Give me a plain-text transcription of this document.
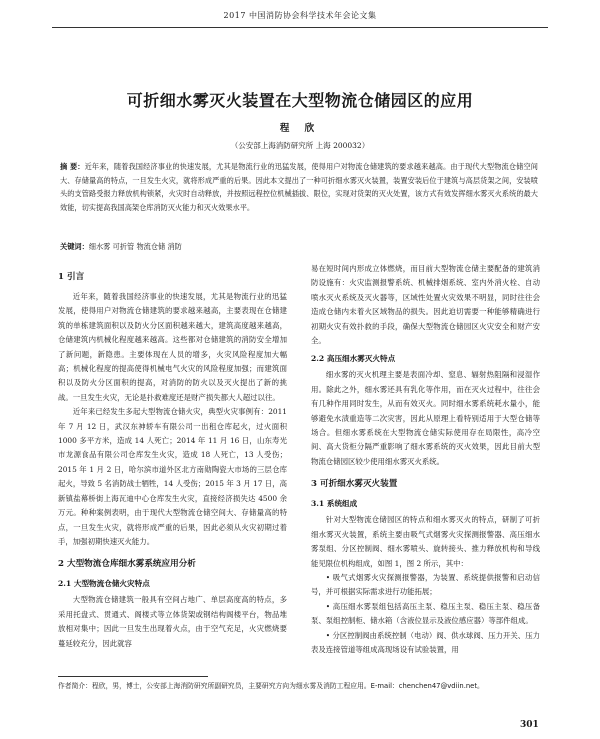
2017 中国消防协会科学技术年会论文集
可折细水雾灭火装置在大型物流仓储园区的应用
程 欣
（公安部上海消防研究所 上海 200032）
摘 要：近年来，随着我国经济事业的快速发展，尤其是物流行业的迅猛发展，使得用户对物流仓储建筑的要求越来越高。由于现代大型物流仓储空间大、存储量高的特点，一旦发生火灾，就将形成严重的后果。因此本文提出了一种可折细水雾灭火装置，装置安装后位于建筑与高层货架之间，安装喷头的支管路受报力释放机构锁紧，火灾时自动释放，并按照远程控位机械插拔、限位，实现对货架的灭火处置，该方式有效发挥细水雾灭火系统的最大效能，切实提高我国高架仓库消防灭火能力和灭火效果水平。
关键词：细水雾 可折管 物流仓储 消防
1 引言

近年来，随着我国经济事业的快速发展，尤其是物流行业的迅猛发展，使得用户对物流仓储建筑的要求越来越高，主要表现在仓储建筑的单栋建筑面积以及防火分区面积越来越大，建筑高度越来越高，仓储建筑内机械化程度越来越高。这些都对仓储建筑的消防安全增加了新问题，新隐患。主要体现在人员的增多，火灾风险程度加大幅高；机械化程度的提高使得机械电气火灾的风险程度加强；而建筑面积以及防火分区面积的提高，对消防的防火以及灭火提出了新的挑战。一旦发生火灾，无论是扑救难度还是财产损失都大人超过以往。

近年来已经发生多起大型物流仓储火灾，典型火灾事例有：2011 年 7 月 12 日，武汉东神轿车有限公司一出租仓库起火，过火面积 1000 多平方米，造成 14 人死亡；2014 年 11 月 16 日，山东寿光市龙源食品有限公司仓库发生火灾，造成 18 人死亡，13 人受伤；2015 年 1 月 2 日，哈尔滨市道外区北方南勋陶瓷大市场的三层仓库起火，导致 5 名消防战士牺牲，14 人受伤；2015 年 3 月 17 日，高新镇盐幕桥街上海瓦迪中心仓库发生火灾，直接经济损失达 4500 余万元。种种案例表明，由于现代大型物流仓储空间大、存储量高的特点，一旦发生火灾，就将形成严重的后果，因此必须从火灾初期过着手，加强初期快速灭火能力。

2 大型物流仓库细水雾系统应用分析
2.1 大型物流仓储火灾特点

大型物流仓储建筑一般具有空间占地广、单层高度高的特点，多采用托盘式、贯通式、阁楼式等立体货架或钢结构阁楼平台，物品堆放相对集中；因此一旦发生出现着火点，由于空气充足，火灾燃烧要蔓延较充分，因此就容

易在短时间内形成立体燃烧，而目前大型物流仓储主要配备的建筑消防设施有：火灾监测报警系统、机械排烟系统、室内外消火栓、自动喷水灭火系统及灭火器等，区域性处置火灾效果不明显，同时往往会造成仓储内未着火区域物品的损失。因此迫切需要一种能够精确进行初期火灾有效扑救的手段，确保大型物流仓储园区火灾安全和财产安全。

2.2 高压细水雾灭火特点

细水雾的灭火机理主要是表面冷却、窒息、辐射热阻隔和浸湿作用。除此之外，细水雾还具有乳化等作用，而在灭火过程中，往往会有几种作用同时发生，从而有效灭火。同时细水雾系统耗水量小，能够避免水渍重造等二次灾害，因此从原理上看特别适用于大型仓储等场合。但细水雾系统在大型物流仓储实际使用存在局限性，高冷空间、高大货柜分隔严重影响了细水雾系统的灭火效果，因此目前大型物流仓储园区较少使用细水雾灭火系统。

3 可折细水雾灭火装置
3.1 系统组成

针对大型物流仓储园区的特点和细水雾灭火的特点，研制了可折细水雾灭火装置，系统主要由吸气式烟雾火灾探测报警器、高压细水雾泵组、分区控制阀、细水雾喷头、旋转接头、推力释放机构和导线能见限位机构组成，如图 1，图 2 所示，其中：

• 吸气式烟雾火灾探测报警器，为装置、系统提供报警和启动信号，并可根据实际需求进行功能拓展；

• 高压细水雾泵组包括高压主泵、稳压主泵、稳压主泵、稳压备泵、泵组控制柜、储水箱（含液位显示及液位感应器）等部件组成。

• 分区控制阀由系统控制（电动）阀、供水球阀、压力开关、压力表及连接管道等组成高现场设有试验装置，用

作者简介：程欣，男，博士，公安部上海消防研究所副研究员，主要研究方向为细水雾及消防工程应用。E-mail：chenchen47@vdiin.net。
301
